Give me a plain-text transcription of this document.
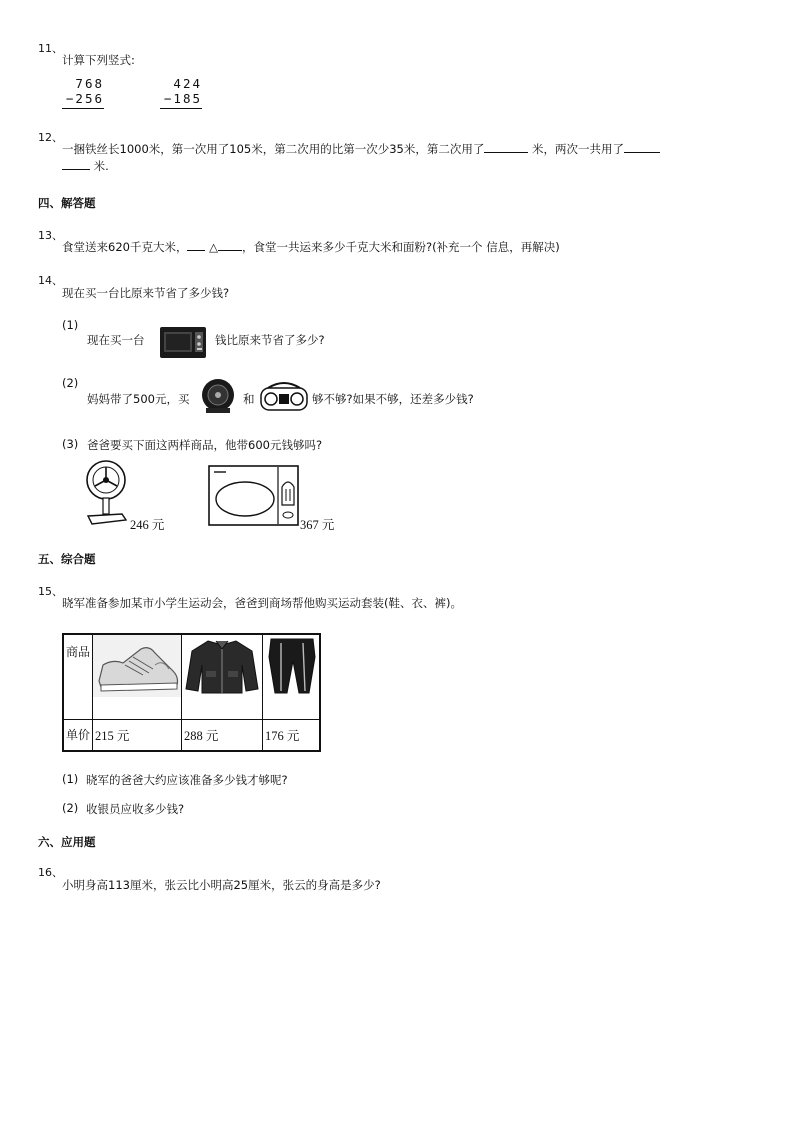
11、
计算下列竖式:
768
−256
424
−185
12、
一捆铁丝长1000米，第一次用了105米，第二次用的比第一次少35米，第二次用了	米，两次一共用了
米.
四、解答题
13、
食堂送来620千克大米， △ ，食堂一共运来多少千克大米和面粉?(补充一个 信息，再解决)
14、
现在买一台比原来节省了多少钱?
(1)
现在买一台	钱比原来节省了多少?
(2)
妈妈带了500元，买	和	够不够?如果不够，还差多少钱?
(3) 爸爸要买下面这两样商品，他带600元钱够吗?
246 元	367 元
五、综合题
15、
晓军准备参加某市小学生运动会，爸爸到商场帮他购买运动套装(鞋、衣、裤)。
商品

单价	215 元	288 元	176 元
(1) 晓军的爸爸大约应该准备多少钱才够呢?
(2) 收银员应收多少钱?
六、应用题
16、
小明身高113厘米，张云比小明高25厘米，张云的身高是多少?
